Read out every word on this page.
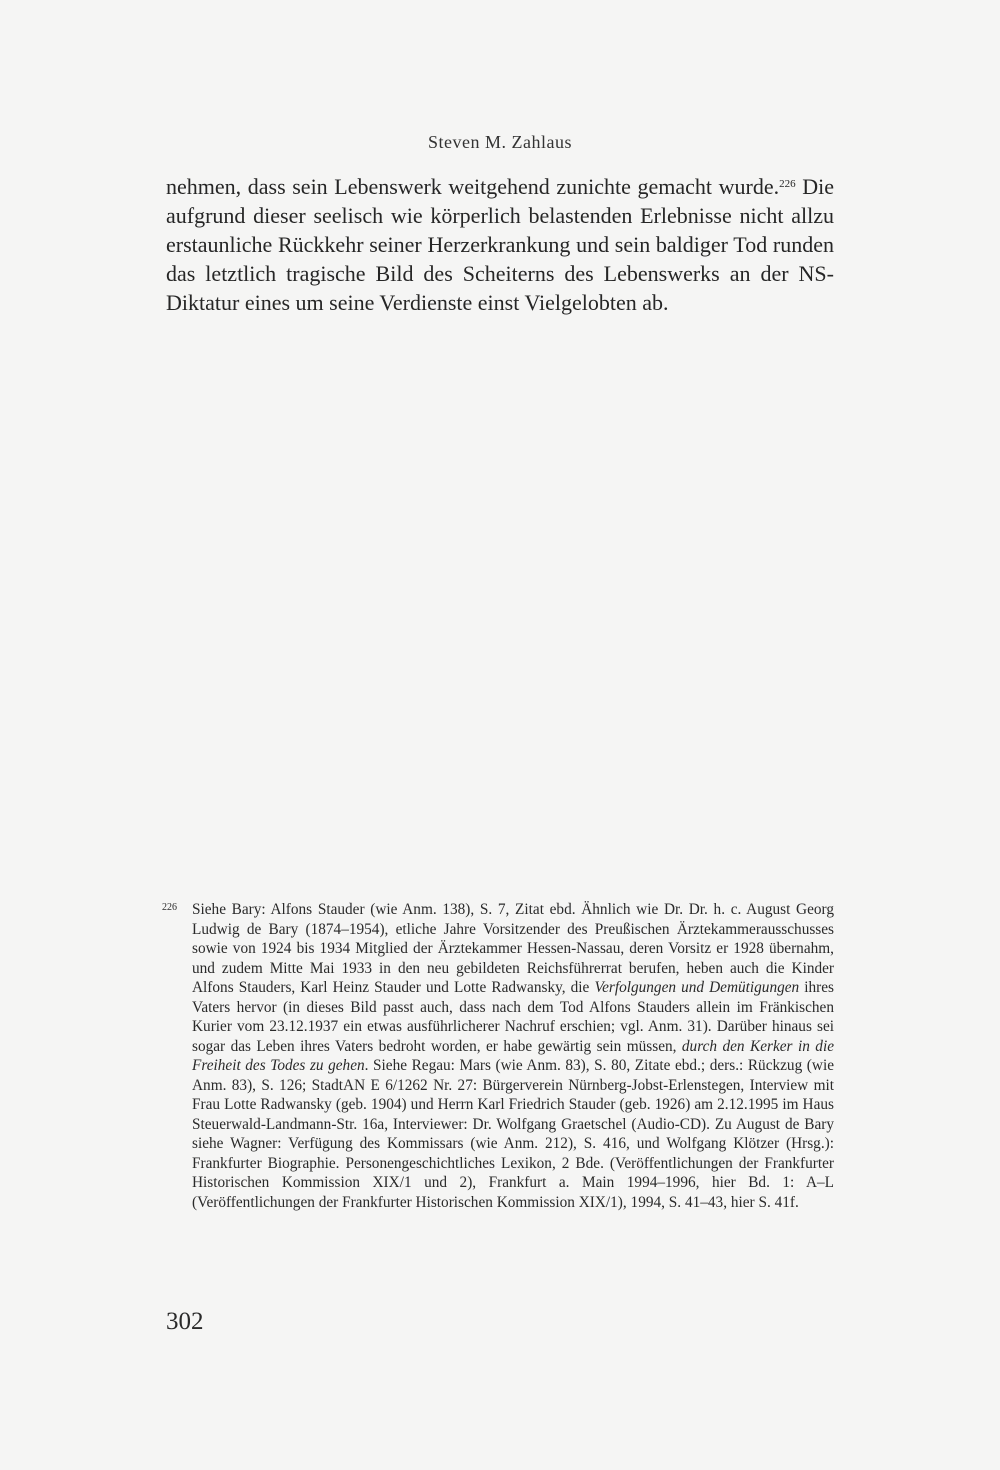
Steven M. Zahlaus

nehmen, dass sein Lebenswerk weitgehend zunichte gemacht wurde.$^{226}$ Die aufgrund dieser seelisch wie körperlich belastenden Erlebnisse nicht allzu erstaunliche Rückkehr seiner Herzerkrankung und sein baldiger Tod runden das letztlich tragische Bild des Scheiterns des Lebenswerks an der NS-Diktatur eines um seine Verdienste einst Vielgelobten ab.

226 Siehe Bary: Alfons Stauder (wie Anm. 138), S. 7, Zitat ebd. Ähnlich wie Dr. Dr. h. c. August Georg Ludwig de Bary (1874–1954), etliche Jahre Vorsitzender des Preußischen Ärztekammerausschusses sowie von 1924 bis 1934 Mitglied der Ärztekammer Hessen-Nassau, deren Vorsitz er 1928 übernahm, und zudem Mitte Mai 1933 in den neu gebildeten Reichsführerrat berufen, heben auch die Kinder Alfons Stauders, Karl Heinz Stauder und Lotte Radwansky, die Verfolgungen und Demütigungen ihres Vaters hervor (in dieses Bild passt auch, dass nach dem Tod Alfons Stauders allein im Fränkischen Kurier vom 23.12.1937 ein etwas ausführlicherer Nachruf erschien; vgl. Anm. 31). Darüber hinaus sei sogar das Leben ihres Vaters bedroht worden, er habe gewärtig sein müssen, durch den Kerker in die Freiheit des Todes zu gehen. Siehe Regau: Mars (wie Anm. 83), S. 80, Zitate ebd.; ders.: Rückzug (wie Anm. 83), S. 126; StadtAN E 6/1262 Nr. 27: Bürgerverein Nürnberg-Jobst-Erlenstegen, Interview mit Frau Lotte Radwansky (geb. 1904) und Herrn Karl Friedrich Stauder (geb. 1926) am 2.12.1995 im Haus Steuerwald-Landmann-Str. 16a, Interviewer: Dr. Wolfgang Graetschel (Audio-CD). Zu August de Bary siehe Wagner: Verfügung des Kommissars (wie Anm. 212), S. 416, und Wolfgang Klötzer (Hrsg.): Frankfurter Biographie. Personengeschichtliches Lexikon, 2 Bde. (Veröffentlichungen der Frankfurter Historischen Kommission XIX/1 und 2), Frankfurt a. Main 1994–1996, hier Bd. 1: A–L (Veröffentlichungen der Frankfurter Historischen Kommission XIX/1), 1994, S. 41–43, hier S. 41f.

302
